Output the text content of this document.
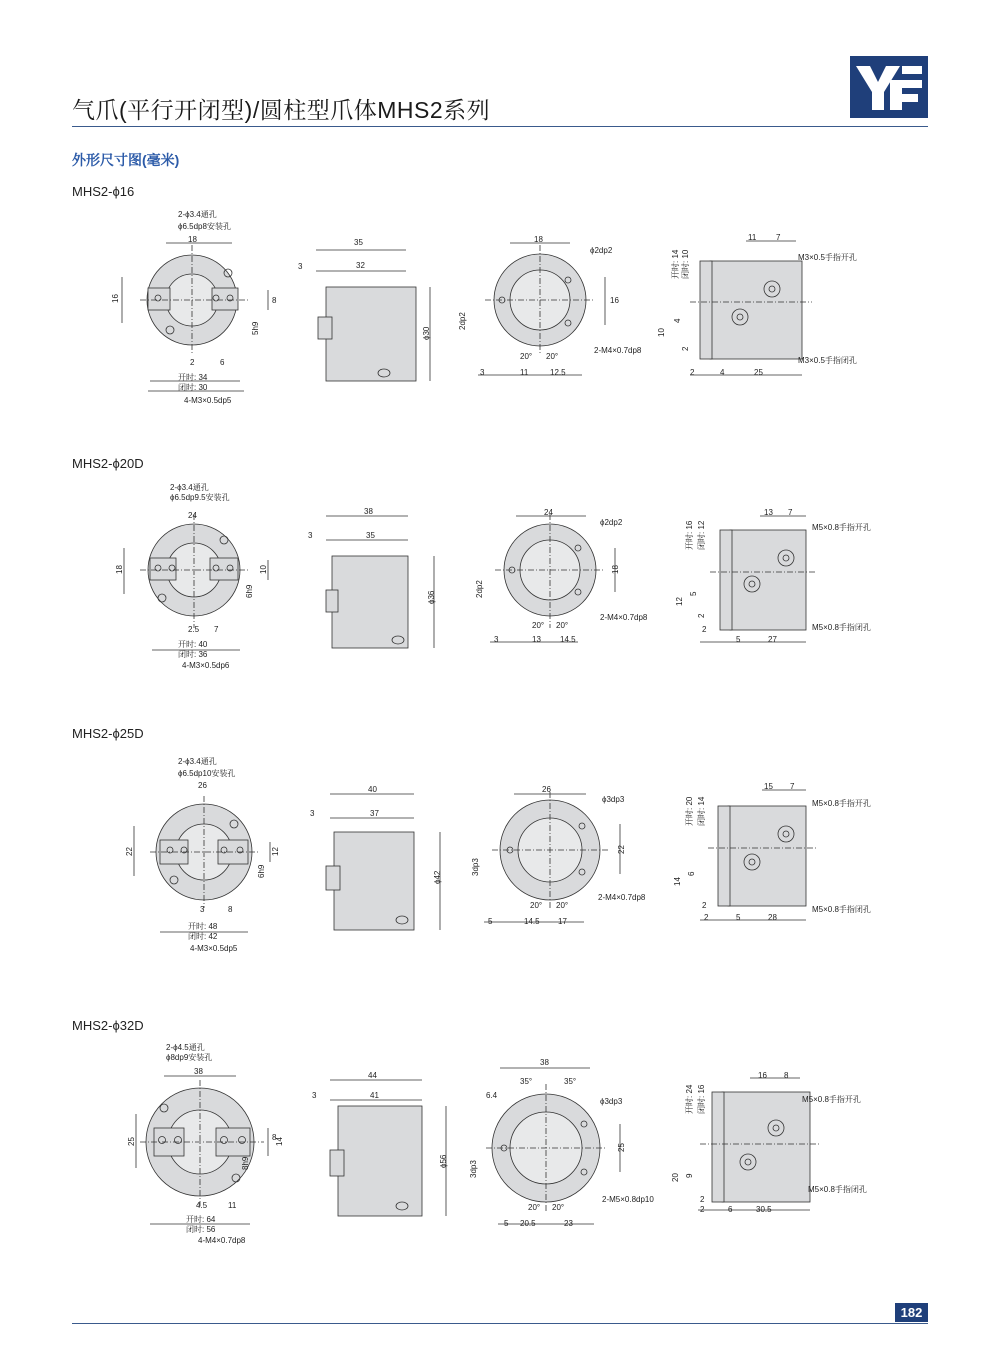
气爪(平行开闭型)/圆柱型爪体MHS2系列
外形尺寸图(毫米)
MHS2-ϕ16
2-ϕ3.4通孔
ϕ6.5dp8安装孔
18
16	8
5h9
2	6
开时: 34
闭时: 30
4-M3×0.5dp5
35
3	32
ϕ30
18
ϕ2dp2
16
2dp2
2-M4×0.7dp8
20° 20°
3	11	12.5
11 7
开时: 14 闭时: 10
10
4
2
2	4	25
M3×0.5手指开孔
M3×0.5手指闭孔
MHS2-ϕ20D
2-ϕ3.4通孔
ϕ6.5dp9.5安装孔
24
18	10
6h9
2.5 7
开时: 40
闭时: 36
4-M3×0.5dp6
38
3	35
ϕ36
24
ϕ2dp2
18
2dp2
2-M4×0.7dp8
20° 20°
3	13 14.5
13 7
开时: 16 闭时: 12
12
5
2
2
5	27
M5×0.8手指开孔
M5×0.8手指闭孔
MHS2-ϕ25D
2-ϕ3.4通孔
ϕ6.5dp10安装孔
26
22	12
6h9
3	8
开时: 48
闭时: 42
4-M3×0.5dp5
40
3	37
ϕ42
26
ϕ3dp3
22
3dp3
2-M4×0.7dp8
20° 20°
5	14.5 17
15 7
开时: 20 闭时: 14
14
6
2
2	5	28
M5×0.8手指开孔
M5×0.8手指闭孔
MHS2-ϕ32D
2-ϕ4.5通孔
ϕ8dp9安装孔
38
25	14
8
8h9
4.5	11
开时: 64
闭时: 56
4-M4×0.7dp8
44
3	41
ϕ56
38
35°	35°
6.4
ϕ3dp3
25
3dp3
2-M5×0.8dp10
20° 20°
5 20.5	23
16 8
开时: 24 闭时: 16
20 9
2
2	6	30.5
M5×0.8手指开孔
M5×0.8手指闭孔
182
